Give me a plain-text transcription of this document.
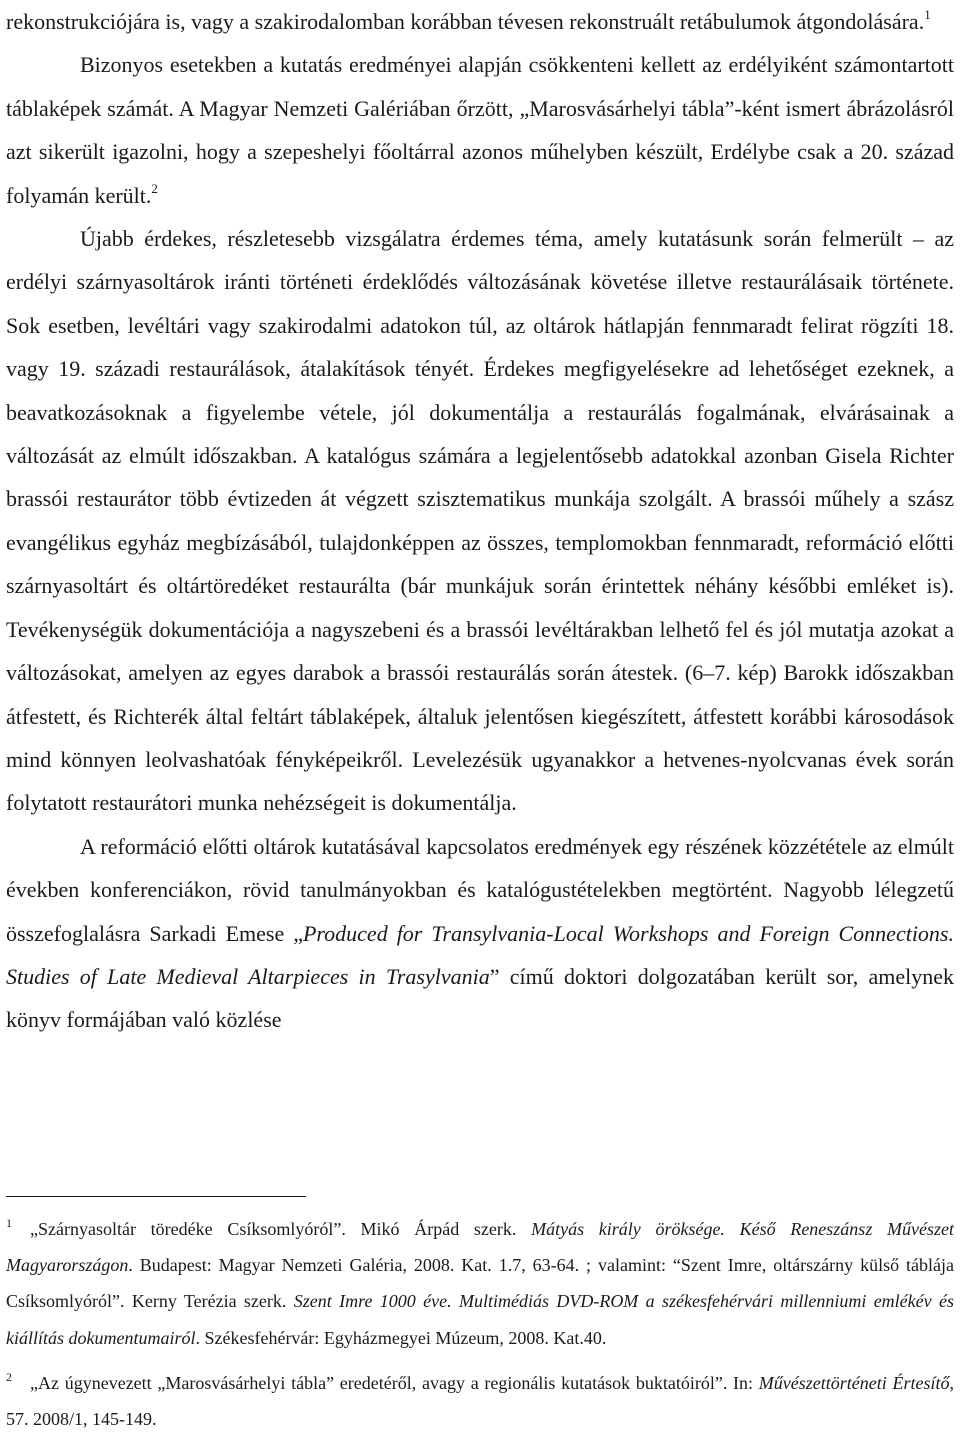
rekonstrukciójára is, vagy a szakirodalomban korábban tévesen rekonstruált retábulumok átgondolására.$^1$

Bizonyos esetekben a kutatás eredményei alapján csökkenteni kellett az erdélyiként számontartott táblaképek számát. A Magyar Nemzeti Galériában őrzött, „Marosvásárhelyi tábla”-ként ismert ábrázolásról azt sikerült igazolni, hogy a szepeshelyi főoltárral azonos műhelyben készült, Erdélybe csak a 20. század folyamán került.$^2$

Újabb érdekes, részletesebb vizsgálatra érdemes téma, amely kutatásunk során felmerült – az erdélyi szárnyasoltárok iránti történeti érdeklődés változásának követése illetve restaurálásaik története. Sok esetben, levéltári vagy szakirodalmi adatokon túl, az oltárok hátlapján fennmaradt felirat rögzíti 18. vagy 19. századi restaurálások, átalakítások tényét. Érdekes megfigyelésekre ad lehetőséget ezeknek, a beavatkozásoknak a figyelembe vétele, jól dokumentálja a restaurálás fogalmának, elvárásainak a változását az elmúlt időszakban. A katalógus számára a legjelentősebb adatokkal azonban Gisela Richter brassói restaurátor több évtizeden át végzett szisztematikus munkája szolgált. A brassói műhely a szász evangélikus egyház megbízásából, tulajdonképpen az összes, templomokban fennmaradt, reformáció előtti szárnyasoltárt és oltártöredéket restaurálta (bár munkájuk során érintettek néhány későbbi emléket is). Tevékenységük dokumentációja a nagyszebeni és a brassói levéltárakban lelhető fel és jól mutatja azokat a változásokat, amelyen az egyes darabok a brassói restaurálás során átestek. (6–7. kép) Barokk időszakban átfestett, és Richterék által feltárt táblaképek, általuk jelentősen kiegészített, átfestett korábbi károsodások mind könnyen leolvashatóak fényképeikről. Levelezésük ugyanakkor a hetvenes-nyolcvanas évek során folytatott restaurátori munka nehézségeit is dokumentálja.

A reformáció előtti oltárok kutatásával kapcsolatos eredmények egy részének közzététele az elmúlt években konferenciákon, rövid tanulmányokban és katalógustételekben megtörtént. Nagyobb lélegzetű összefoglalásra Sarkadi Emese „Produced for Transylvania-Local Workshops and Foreign Connections. Studies of Late Medieval Altarpieces in Trasylvania” című doktori dolgozatában került sor, amelynek könyv formájában való közlése

$^1$  „Szárnyasoltár töredéke Csíksomlyóról”. Mikó Árpád szerk. Mátyás király öröksége. Késő Reneszánsz Művészet Magyarországon. Budapest: Magyar Nemzeti Galéria, 2008. Kat. 1.7, 63-64. ; valamint: “Szent Imre, oltárszárny külső táblája Csíksomlyóról”. Kerny Terézia szerk. Szent Imre 1000 éve. Multimédiás DVD-ROM a székesfehérvári millenniumi emlékév és kiállítás dokumentumairól. Székesfehérvár: Egyházmegyei Múzeum, 2008. Kat.40.

$^2$  „Az úgynevezett „Marosvásárhelyi tábla” eredetéről, avagy a regionális kutatások buktatóiról”. In: Művészettörténeti Értesítő, 57. 2008/1, 145-149.
